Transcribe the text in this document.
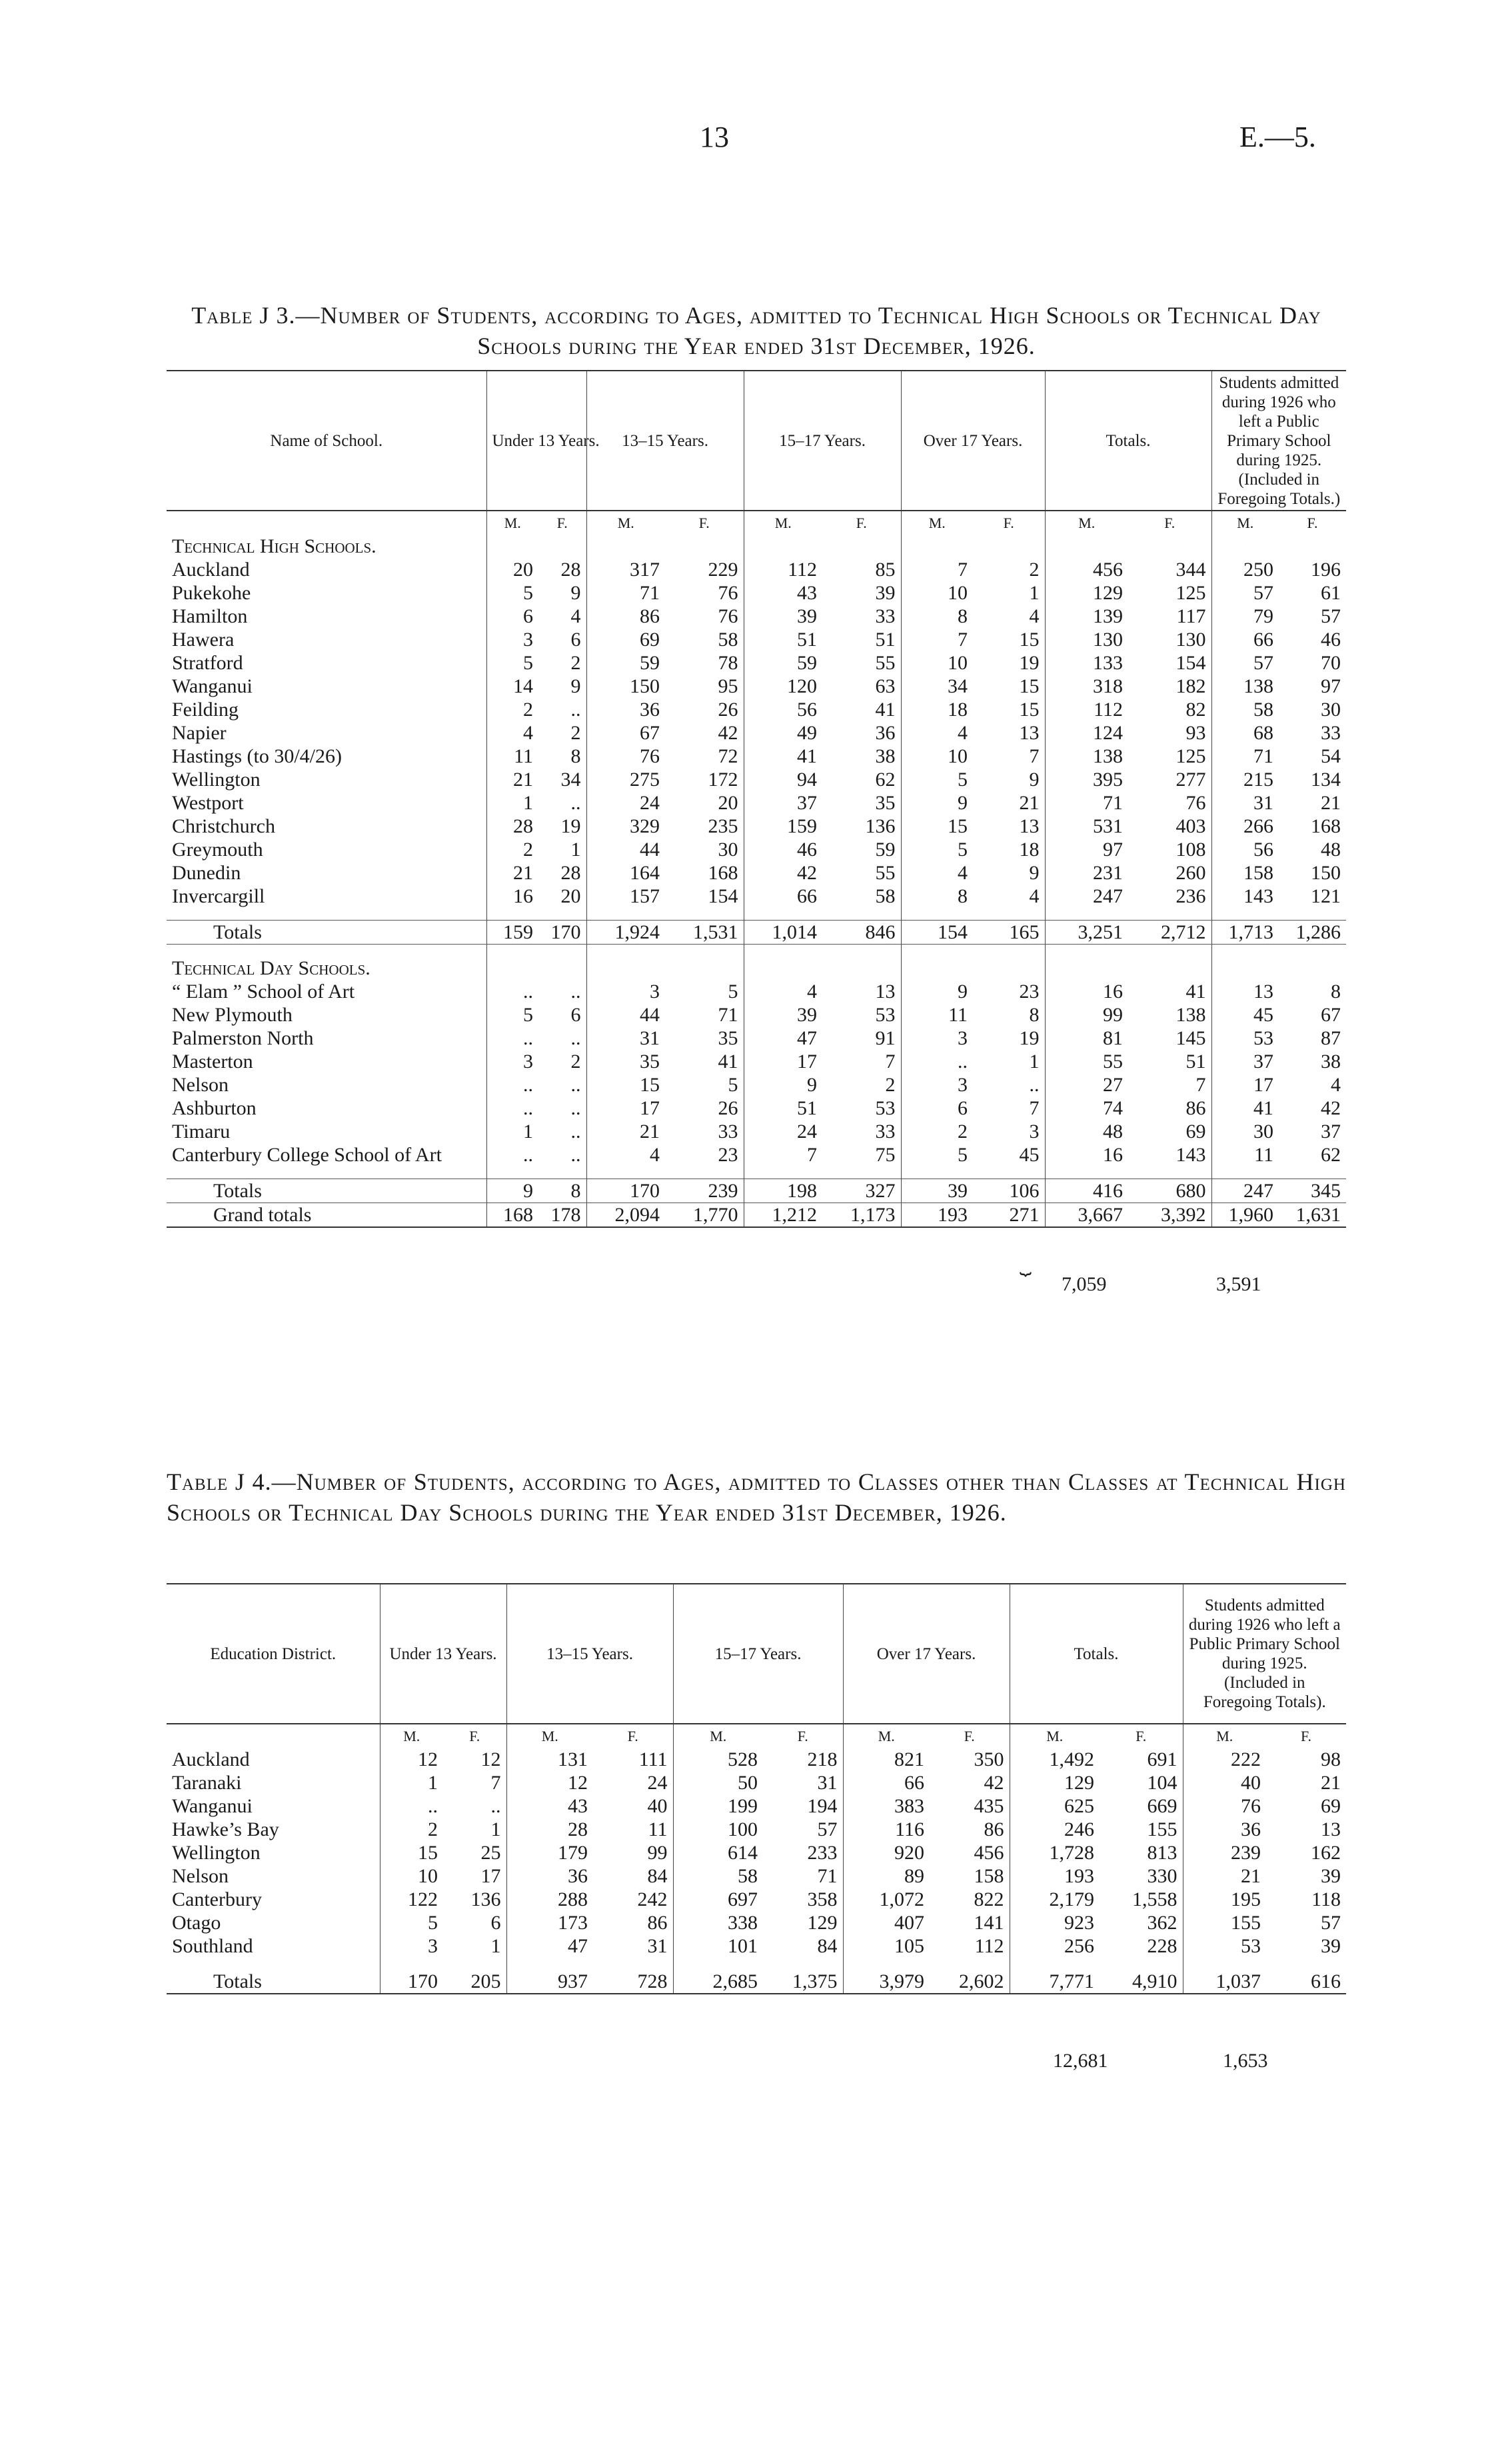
13	E.—5.
Table J 3.—Number of Students, according to Ages, admitted to Technical High Schools or Technical Day Schools during the Year ended 31st December, 1926.
Name of School.	Under 13 Years.		13–15 Years.		15–17 Years.		Over 17 Years.		Totals.		Students admitted during 1926 who left a Public Primary School during 1925. (Included in Foregoing Totals.)	
	M.	F.	M.	F.	M.	F.	M.	F.	M.	F.	M.	F.
Technical High Schools.												
Auckland	20	28	317	229	112	85	7	2	456	344	250	196
Pukekohe	5	9	71	76	43	39	10	1	129	125	57	61
Hamilton	6	4	86	76	39	33	8	4	139	117	79	57
Hawera	3	6	69	58	51	51	7	15	130	130	66	46
Stratford	5	2	59	78	59	55	10	19	133	154	57	70
Wanganui	14	9	150	95	120	63	34	15	318	182	138	97
Feilding	2	..	36	26	56	41	18	15	112	82	58	30
Napier	4	2	67	42	49	36	4	13	124	93	68	33
Hastings (to 30/4/26)	11	8	76	72	41	38	10	7	138	125	71	54
Wellington	21	34	275	172	94	62	5	9	395	277	215	134
Westport	1	..	24	20	37	35	9	21	71	76	31	21
Christchurch	28	19	329	235	159	136	15	13	531	403	266	168
Greymouth	2	1	44	30	46	59	5	18	97	108	56	48
Dunedin	21	28	164	168	42	55	4	9	231	260	158	150
Invercargill	16	20	157	154	66	58	8	4	247	236	143	121

Totals	159	170	1,924	1,531	1,014	846	154	165	3,251	2,712	1,713	1,286

Technical Day Schools.												
“ Elam ” School of Art	..	..	3	5	4	13	9	23	16	41	13	8
New Plymouth	5	6	44	71	39	53	11	8	99	138	45	67
Palmerston North	..	..	31	35	47	91	3	19	81	145	53	87
Masterton	3	2	35	41	17	7	..	1	55	51	37	38
Nelson	..	..	15	5	9	2	3	..	27	7	17	4
Ashburton	..	..	17	26	51	53	6	7	74	86	41	42
Timaru	1	..	21	33	24	33	2	3	48	69	30	37
Canterbury College School of Art	..	..	4	23	7	75	5	45	16	143	11	62

Totals	9	8	170	239	198	327	39	106	416	680	247	345
Grand totals	168	178	2,094	1,770	1,212	1,173	193	271	3,667	3,392	1,960	1,631
⏟
7,059	3,591
Table J 4.—Number of Students, according to Ages, admitted to Classes other than Classes at Technical High Schools or Technical Day Schools during the Year ended 31st December, 1926.
Education District.	Under 13 Years.		13–15 Years.		15–17 Years.		Over 17 Years.		Totals.		Students admitted during 1926 who left a Public Primary School during 1925. (Included in Foregoing Totals).	
	M.	F.	M.	F.	M.	F.	M.	F.	M.	F.	M.	F.
Auckland	12	12	131	111	528	218	821	350	1,492	691	222	98
Taranaki	1	7	12	24	50	31	66	42	129	104	40	21
Wanganui	..	..	43	40	199	194	383	435	625	669	76	69
Hawke’s Bay	2	1	28	11	100	57	116	86	246	155	36	13
Wellington	15	25	179	99	614	233	920	456	1,728	813	239	162
Nelson	10	17	36	84	58	71	89	158	193	330	21	39
Canterbury	122	136	288	242	697	358	1,072	822	2,179	1,558	195	118
Otago	5	6	173	86	338	129	407	141	923	362	155	57
Southland	3	1	47	31	101	84	105	112	256	228	53	39

Totals	170	205	937	728	2,685	1,375	3,979	2,602	7,771	4,910	1,037	616
12,681	1,653
